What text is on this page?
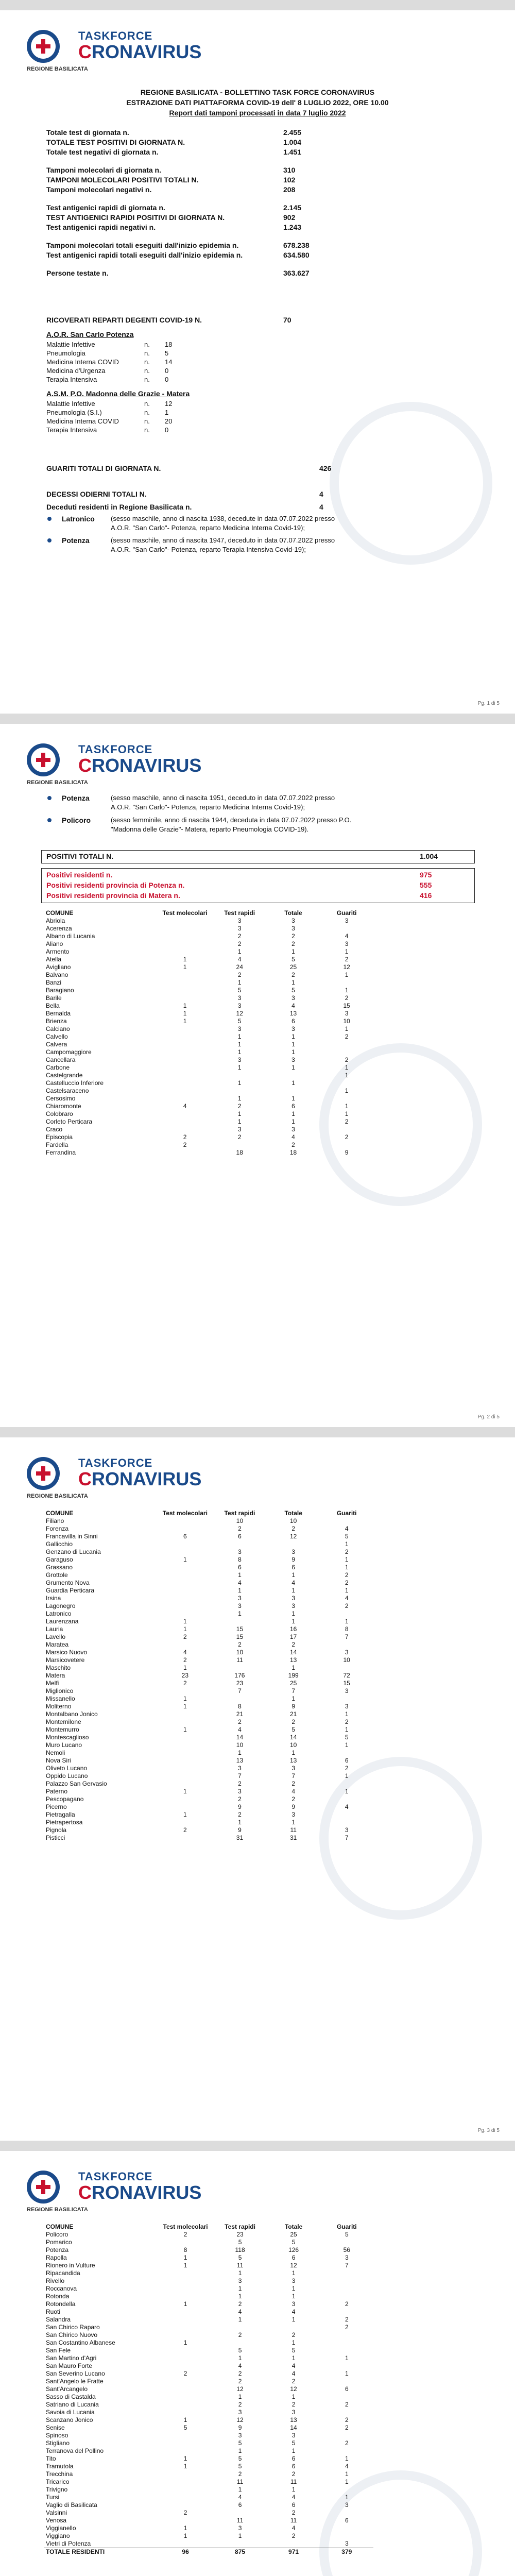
REGIONE BASILICATA
TASKFORCE
CRONAVIRUS
REGIONE BASILICATA - BOLLETTINO TASK FORCE CORONAVIRUS
ESTRAZIONE DATI PIATTAFORMA COVID-19 dell' 8 LUGLIO 2022, ORE 10.00
Report dati tamponi processati in data 7 luglio 2022
Totale test di giornata n.	2.455
TOTALE TEST POSITIVI DI GIORNATA N.	1.004
Totale test negativi di giornata n.	1.451
Tamponi molecolari di giornata n.	310
TAMPONI MOLECOLARI POSITIVI TOTALI N.	102
Tamponi molecolari negativi n.	208
Test antigenici rapidi di giornata n.	2.145
TEST ANTIGENICI RAPIDI POSITIVI DI GIORNATA N.	902
Test antigenici rapidi negativi n.	1.243
Tamponi molecolari totali eseguiti dall'inizio epidemia n.	678.238
Test antigenici rapidi totali eseguiti dall'inizio epidemia n.	634.580
Persone testate n.	363.627
RICOVERATI REPARTI DEGENTI COVID-19 N.	70
A.O.R. San Carlo Potenza
Malattie Infettive	n. 18
Pneumologia	n. 5
Medicina Interna COVID	n. 14
Medicina d'Urgenza	n. 0
Terapia Intensiva	n. 0
A.S.M. P.O. Madonna delle Grazie - Matera
Malattie Infettive	n. 12
Pneumologia (S.I.)	n. 1
Medicina Interna COVID	n. 20
Terapia Intensiva	n. 0
GUARITI TOTALI DI GIORNATA N.	426
DECESSI ODIERNI TOTALI N.	4
Deceduti residenti in Regione Basilicata n.	4
Latronico (sesso maschile, anno di nascita 1938, decedute in data 07.07.2022 presso
A.O.R. "San Carlo"- Potenza, reparto Medicina Interna Covid-19);
Potenza	(sesso maschile, anno di nascita 1947, deceduto in data 07.07.2022 presso
A.O.R. "San Carlo"- Potenza, reparto Terapia Intensiva Covid-19);
Pg. 1 di 5
REGIONE BASILICATA
TASKFORCE
CRONAVIRUS
Potenza	(sesso maschile, anno di nascita 1951, deceduto in data 07.07.2022 presso
A.O.R. "San Carlo"- Potenza, reparto Medicina Interna Covid-19);
Policoro	(sesso femminile, anno di nascita 1944, deceduta in data 07.07.2022 presso P.O.
"Madonna delle Grazie"- Matera, reparto Pneumologia COVID-19).
POSITIVI TOTALI N.	1.004
Positivi residenti n.	975
Positivi residenti provincia di Potenza n.	555
Positivi residenti provincia di Matera n.	416
COMUNE	Test molecolari	Test rapidi	Totale	Guariti
Abriola		3	3	3
Acerenza		3	3	
Albano di Lucania		2	2	4
Aliano		2	2	3
Armento		1	1	1
Atella	1	4	5	2
Avigliano	1	24	25	12
Balvano		2	2	1
Banzi		1	1	
Baragiano		5	5	1
Barile		3	3	2
Bella	1	3	4	15
Bernalda	1	12	13	3
Brienza	1	5	6	10
Calciano		3	3	1
Calvello		1	1	2
Calvera		1	1	
Campomaggiore		1	1	
Cancellara		3	3	2
Carbone		1	1	1
Castelgrande				1
Castelluccio Inferiore		1	1	
Castelsaraceno				1
Cersosimo		1	1	
Chiaromonte	4	2	6	1
Colobraro		1	1	1
Corleto Perticara		1	1	2
Craco		3	3	
Episcopia	2	2	4	2
Fardella	2		2	
Ferrandina		18	18	9
Pg. 2 di 5
REGIONE BASILICATA
TASKFORCE
CRONAVIRUS
COMUNE	Test molecolari	Test rapidi	Totale	Guariti
Filiano		10	10	
Forenza		2	2	4
Francavilla in Sinni	6	6	12	5
Gallicchio				1
Genzano di Lucania		3	3	2
Garaguso	1	8	9	1
Grassano		6	6	1
Grottole		1	1	2
Grumento Nova		4	4	2
Guardia Perticara		1	1	1
Irsina		3	3	4
Lagonegro		3	3	2
Latronico		1	1	
Laurenzana	1		1	1
Lauria	1	15	16	8
Lavello	2	15	17	7
Maratea		2	2	
Marsico Nuovo	4	10	14	3
Marsicovetere	2	11	13	10
Maschito	1		1	
Matera	23	176	199	72
Melfi	2	23	25	15
Miglionico		7	7	3
Missanello	1		1	
Moliterno	1	8	9	3
Montalbano Jonico		21	21	1
Montemilone		2	2	2
Montemurro	1	4	5	1
Montescaglioso		14	14	5
Muro Lucano		10	10	1
Nemoli		1	1	
Nova Siri		13	13	6
Oliveto Lucano		3	3	2
Oppido Lucano		7	7	1
Palazzo San Gervasio		2	2	
Paterno	1	3	4	1
Pescopagano		2	2	
Picerno		9	9	4
Pietragalla	1	2	3	
Pietrapertosa		1	1	
Pignola	2	9	11	3
Pisticci		31	31	7
Pg. 3 di 5
REGIONE BASILICATA
TASKFORCE
CRONAVIRUS
COMUNE	Test molecolari	Test rapidi	Totale	Guariti
Policoro	2	23	25	5
Pomarico		5	5	
Potenza	8	118	126	56
Rapolla	1	5	6	3
Rionero in Vulture	1	11	12	7
Ripacandida		1	1	
Rivello		3	3	
Roccanova		1	1	
Rotonda		1	1	
Rotondella	1	2	3	2
Ruoti		4	4	
Salandra		1	1	2
San Chirico Raparo				2
San Chirico Nuovo		2	2	
San Costantino Albanese	1		1	
San Fele		5	5	
San Martino d'Agri		1	1	1
San Mauro Forte		4	4	
San Severino Lucano	2	2	4	1
Sant'Angelo le Fratte		2	2	
Sant'Arcangelo		12	12	6
Sasso di Castalda		1	1	
Satriano di Lucania		2	2	2
Savoia di Lucania		3	3	
Scanzano Jonico	1	12	13	2
Senise	5	9	14	2
Spinoso		3	3	
Stigliano		5	5	2
Terranova del Pollino		1	1	
Tito	1	5	6	1
Tramutola	1	5	6	4
Trecchina		2	2	1
Tricarico		11	11	1
Trivigno		1	1	
Tursi		4	4	1
Vaglio di Basilicata		6	6	3
Valsinni	2		2	
Venosa		11	11	6
Viggianello	1	3	4	
Viggiano	1	1	2	
Vietri di Potenza				3
TOTALE RESIDENTI	96	875	971	379
